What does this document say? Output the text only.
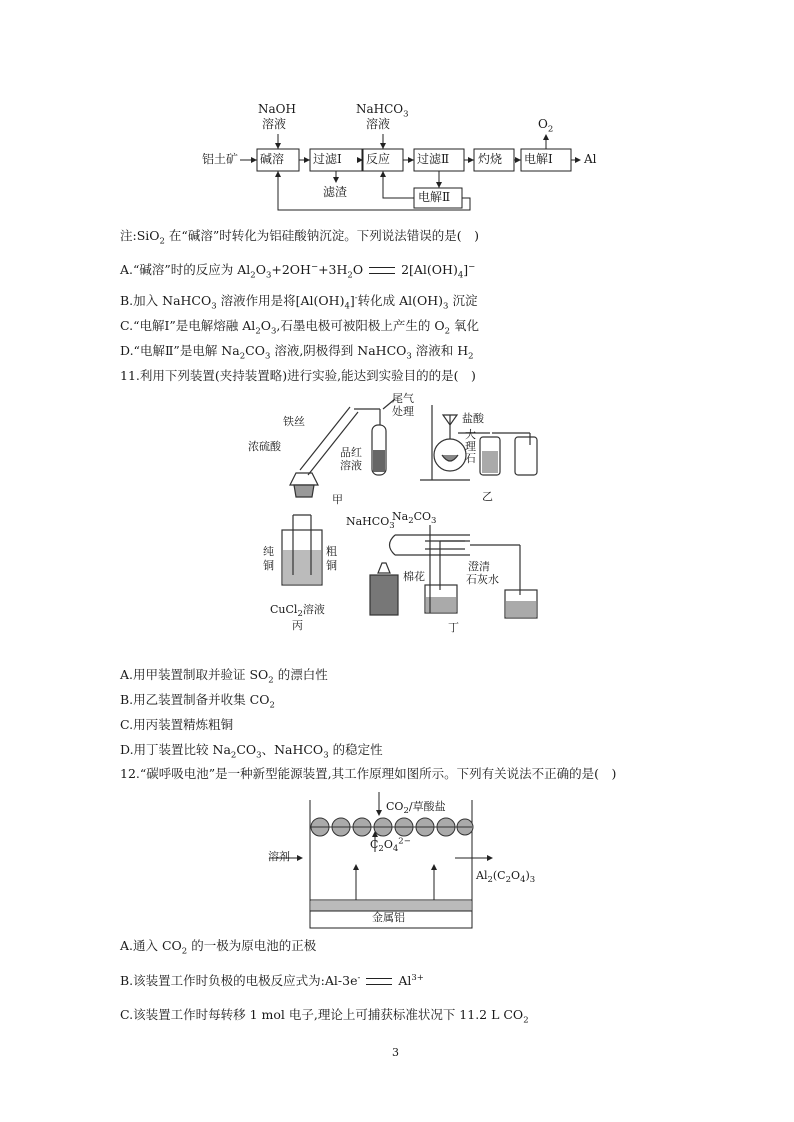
NaOH
溶液
NaHCO$_3$
溶液	$O_2$
铝土矿 碱溶 过滤Ⅰ 反应 过滤Ⅱ 灼烧 电解Ⅰ	Al
滤渣	电解Ⅱ
注:SiO$_2$ 在“碱溶”时转化为铝硅酸钠沉淀。下列说法错误的是(　)
A.“碱溶”时的反应为 $Al_2O_3+2OH^-+3H_2O$	$2[Al(OH)_4]^-$
B.加入 NaHCO$_3$ 溶液作用是将$[Al(OH)_4]^-$转化成 $Al(OH)_3$ 沉淀
C.“电解Ⅰ”是电解熔融 $Al_2O_3$,石墨电极可被阳极上产生的 $O_2$ 氧化
D.“电解Ⅱ”是电解 $Na_2CO_3$ 溶液,阴极得到 NaHCO$_3$ 溶液和 $H_2$
11.利用下列装置(夹持装置略)进行实验,能达到实验目的的是(　)
铁丝
尾气
处理
浓硫酸	品红
溶液
甲
盐酸
大
理
石
乙
纯
铜
粗
铜
CuCl$_2$溶液
丙
NaHCO$_3$
$Na_2CO_3$
棉花
澄清
石灰水
丁
A.用甲装置制取并验证 $SO_2$ 的漂白性
B.用乙装置制备并收集 $CO_2$
C.用丙装置精炼粗铜
D.用丁装置比较 $Na_2CO_3$、NaHCO$_3$ 的稳定性
12.“碳呼吸电池”是一种新型能源装置,其工作原理如图所示。下列有关说法不正确的是(　)
$CO_2/$草酸盐
$C_2O_4^{2-}$
溶剂
$Al_2(C_2O_4)_3$
金属铝
A.通入 $CO_2$ 的一极为原电池的正极
B.该装置工作时负极的电极反应式为:Al-3e-	$Al^{3+}$
C.该装置工作时每转移 1 mol 电子,理论上可捕获标准状况下 11.2 L $CO_2$
3
